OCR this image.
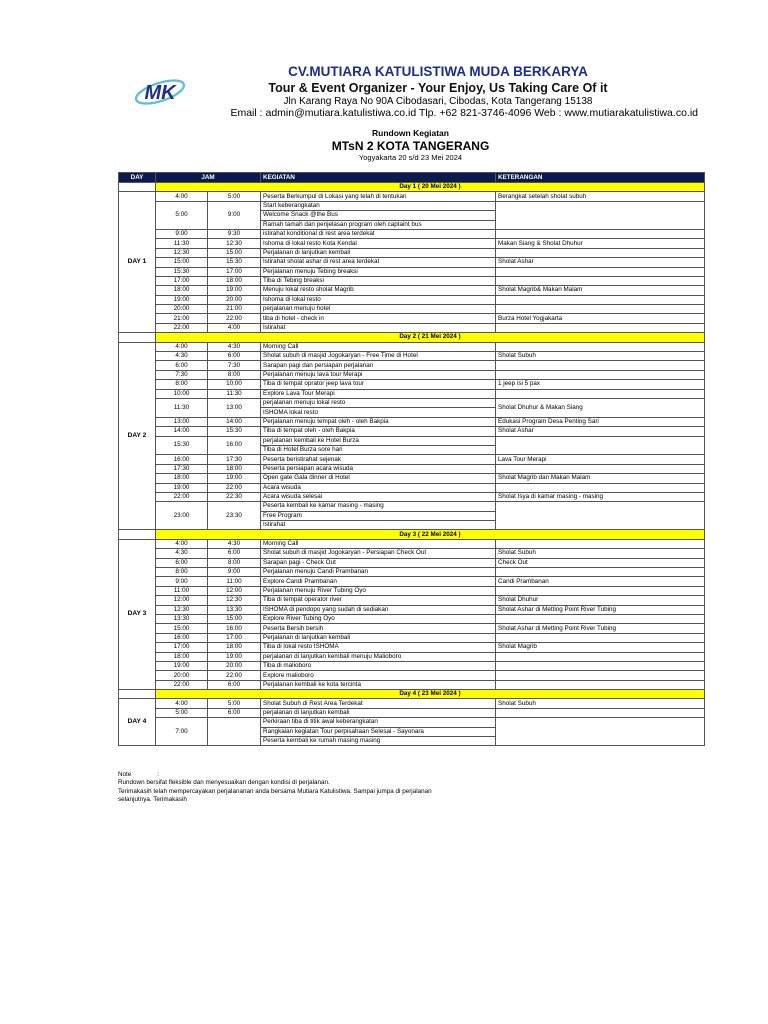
MK
CV.MUTIARA KATULISTIWA MUDA BERKARYA
Tour & Event Organizer - Your Enjoy, Us Taking Care Of it
Jln Karang Raya No 90A Cibodasari, Cibodas, Kota Tangerang 15138
Email : admin@mutiara.katulistiwa.co.id Tlp. +62 821-3746-4096 Web : www.mutiarakatulistiwa.co.id
Rundown Kegiatan
MTsN 2 KOTA TANGERANG
Yogyakarta 20 s/d 23 Mei 2024
DAY	JAM		KEGIATAN	KETERANGAN
	Day 1 ( 20 Mei 2024 )			
DAY 1	4:00	5:00	Peserta Berkumpul di Lokasi yang telah di tentukan	Berangkat setelah sholat subuh
	5:00	9:00	Start keberangkatan	
			Welcome Snack @the Bus	
			Ramah tamah dan penjelasan program oleh captaint bus	
	9:00	9:30	istirahat konditional di rest area terdekat	
	11:30	12:30	Ishoma di lokal resto Kota Kendal	Makan Siang & Sholat Dhuhur
	12:30	15:00	Perjalanan di lanjutkan kembali	
	15:00	15:30	Istirahat sholat ashar di rest area terdekat	Sholat Ashar
	15:30	17:00	Perjalanan menuju Tebing breaksi	
	17:00	18:00	Tiba di Tebing breaksi	
	18:00	19:00	Menuju lokal resto sholat Magrib	Sholat Magrib& Makan Malam
	19:00	20:00	Ishoma di lokal resto	
	20:00	21:00	perjalanan menuju hotel	
	21:00	22:00	tiba di hotel - check in	Burza Hotel Yogjakarta
	22:00	4:00	Istirahat	
	Day 2 ( 21 Mei 2024 )			
DAY 2	4:00	4:30	Morning Call	
	4:30	6:00	Sholat subuh di masjid Jogokaryan - Free Time di Hotel	Sholat Subuh
	6:00	7:30	Sarapan pagi dan persiapan perjalanan	
	7:30	8:00	Perjalanan menuju lava tour Merapi	
	8:00	10:00	Tiba di tempat oprator jeep lava tour	1 jeep isi 5 pax
	10:00	11:30	Explore Lava Tour Merapi	
	11:30	13:00	perjalanan menuju lokal resto	Sholat Dhuhur & Makan Siang
			ISHOMA lokal resto	
	13:00	14:00	Perjalanan menuju tempat oleh - oleh Bakpia	Edukasi Program Desa Penting Sari
	14:00	15:30	Tiba di tempat oleh - oleh Bakpia	Sholat Ashar
	15:30	16:00	perjalanan kembali ke Hotel Burza	
			Tiba di Hotel Burza sore hari	
	16:00	17:30	Peserta beristirahat sejenak	Lava Tour Merapi
	17:30	18:00	Peserta persiapan acara wisuda	
	18:00	19:00	Open gate Gala dinner di Hotel	Sholat Magrib dan Makan Malam
	19:00	22:00	Acara wisuda	
	22:00	22:30	Acara wisuda selesai	Sholat Isya di kamar masing - masing
	23:00	23:30	Peserta kembali ke kamar masing - masing	
			Free Program	
			Istirahat	
	Day 3 ( 22 Mei 2024 )			
DAY 3	4:00	4:30	Morning Call	
	4:30	6:00	Sholat subuh di masjid Jogokaryan - Persiapan Check Out	Sholat Subuh
	6:00	8:00	Sarapan pagi - Check Out	Check Out
	8:00	9:00	Perjalanan menuju Candi Prambanan	
	9:00	11:00	Explore Candi Prambanan	Candi Prambanan
	11:00	12:00	Perjalanan menuju River Tubing Oyo	
	12:00	12:30	Tiba di tempat operator river	Sholat Dhuhur
	12:30	13:30	ISHOMA di pendopo yang sudah di sediakan	Sholat Ashar di Metting Point River Tubing
	13:30	15:00	Explore River Tubing Oyo	
	15:00	16:00	Peserta Bersih bersih	Sholat Ashar di Metting Point River Tubing
	16:00	17:00	Perjalanan di lanjutkan kembali	
	17:00	18:00	Tiba di lokal resto ISHOMA	Sholat Magrib
	18:00	19:00	perjalanan di lanjutkan kembali menuju Malioboro	
	19:00	20:00	Tiba di malioboro	
	20:00	22:00	Explore malioboro	
	22:00	6:00	Perjalanan kembali ke kota tercinta	
	Day 4 ( 23 Mei 2024 )			
DAY 4	4:00	5:00	Sholat Subuh di Rest Area Terdekat	Sholat Subuh
	5:00	6:00	perjalanan di lanjutkan kembali	
	7:00		Perkiraan tiba di titik awal keberangkatan	
			Rangkaian kegiatan Tour perpisahaan Selesai - Sayonara	
			Peserta kembali ke rumah masing masing	
Note	:
Rundown bersifat fleksible dan menyesuaikan dengan kondisi di perjalanan.
Terimakasih telah mempercayakan perjalananan anda bersama Mutiara Katulistiwa. Sampai jumpa di perjalanan
selanjutnya. Terimakasih
